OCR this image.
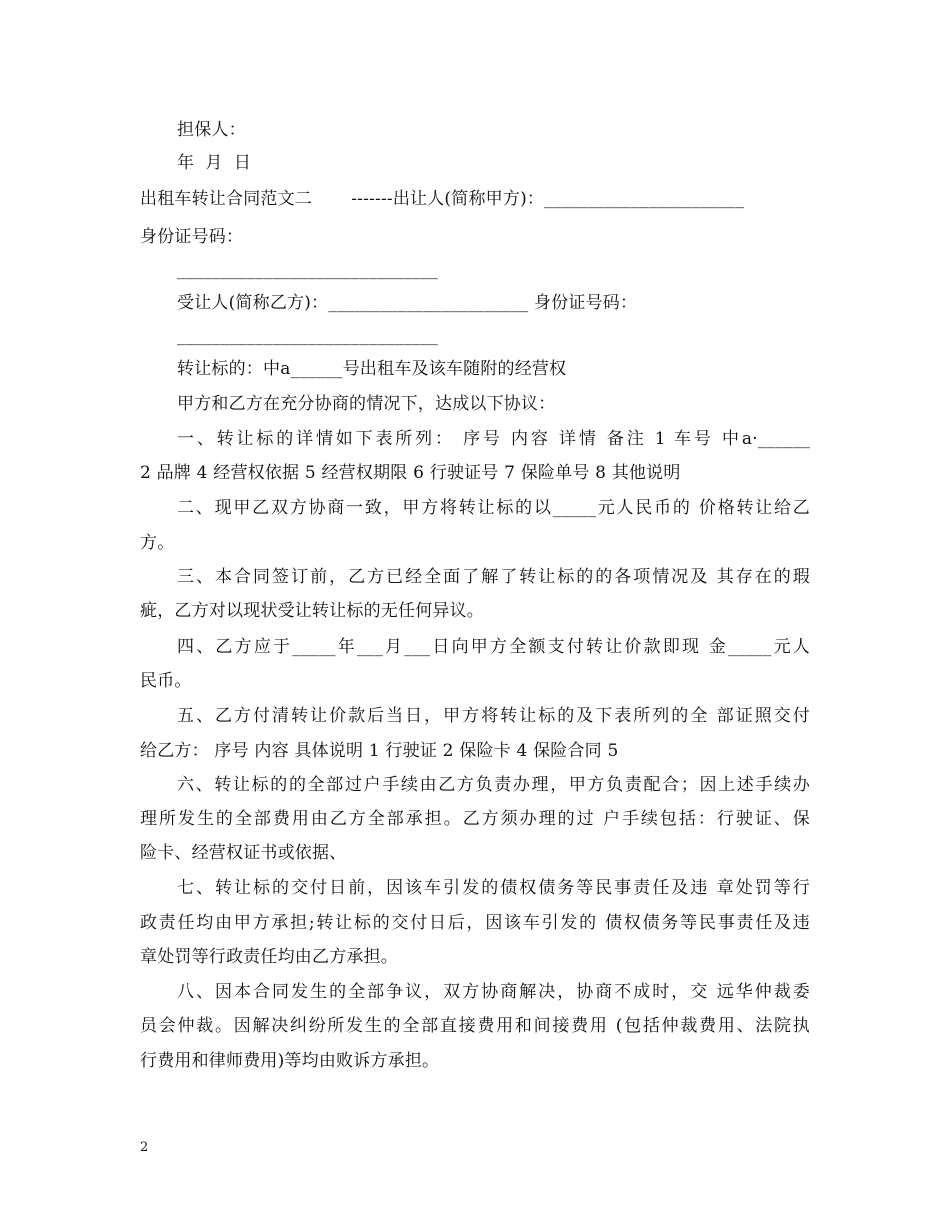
担保人：
年  月  日
出租车转让合同范文二       -------出让人(简称甲方)：_______________________
身份证号码：
______________________________
受让人(简称乙方)：_______________________ 身份证号码：
______________________________
转让标的：中a______号出租车及该车随附的经营权
甲方和乙方在充分协商的情况下，达成以下协议：
一、转让标的详情如下表所列： 序号 内容 详情 备注 1 车号 中a·______
2 品牌 4 经营权依据 5 经营权期限 6 行驶证号 7 保险单号 8 其他说明
二、现甲乙双方协商一致，甲方将转让标的以_____元人民币的 价格转让给乙
方。
三、本合同签订前，乙方已经全面了解了转让标的的各项情况及 其存在的瑕
疵，乙方对以现状受让转让标的无任何异议。
四、乙方应于_____年___月___日向甲方全额支付转让价款即现 金_____元人
民币。
五、乙方付清转让价款后当日，甲方将转让标的及下表所列的全 部证照交付
给乙方： 序号 内容 具体说明 1 行驶证 2 保险卡 4 保险合同 5
六、转让标的的全部过户手续由乙方负责办理，甲方负责配合；因上述手续办
理所发生的全部费用由乙方全部承担。乙方须办理的过 户手续包括：行驶证、保
险卡、经营权证书或依据、
七、转让标的交付日前，因该车引发的债权债务等民事责任及违 章处罚等行
政责任均由甲方承担;转让标的交付日后，因该车引发的 债权债务等民事责任及违
章处罚等行政责任均由乙方承担。
八、因本合同发生的全部争议，双方协商解决，协商不成时，交 远华仲裁委
员会仲裁。因解决纠纷所发生的全部直接费用和间接费用 (包括仲裁费用、法院执
行费用和律师费用)等均由败诉方承担。
2
